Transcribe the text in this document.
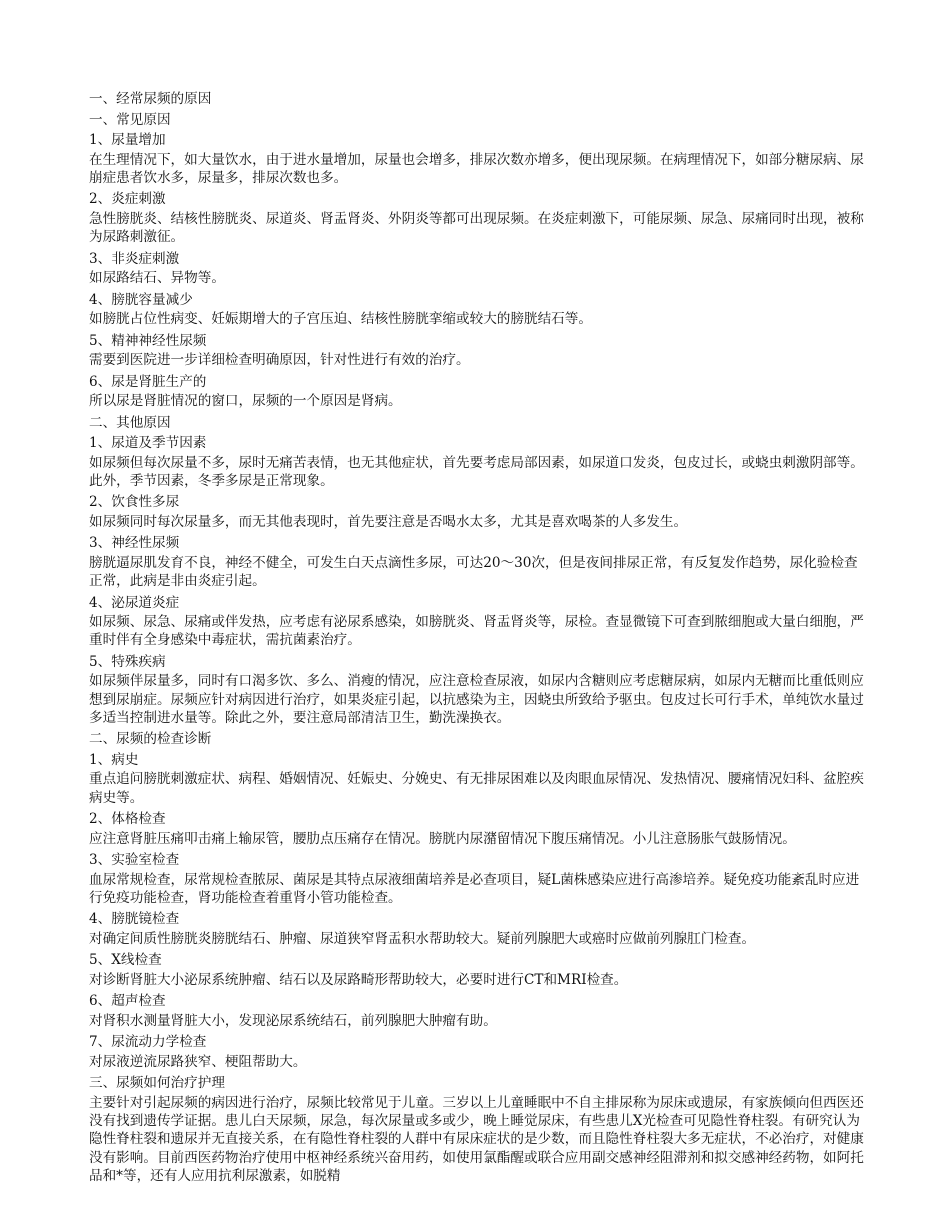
一、经常尿频的原因
一、常见原因
1、尿量增加
在生理情况下，如大量饮水，由于进水量增加，尿量也会增多，排尿次数亦增多，便出现尿频。在病理情况下，如部分糖尿病、尿崩症患者饮水多，尿量多，排尿次数也多。
2、炎症刺激
急性膀胱炎、结核性膀胱炎、尿道炎、肾盂肾炎、外阴炎等都可出现尿频。在炎症刺激下，可能尿频、尿急、尿痛同时出现，被称为尿路刺激征。
3、非炎症刺激
如尿路结石、异物等。
4、膀胱容量减少
如膀胱占位性病变、妊娠期增大的子宫压迫、结核性膀胱挛缩或较大的膀胱结石等。
5、精神神经性尿频
需要到医院进一步详细检查明确原因，针对性进行有效的治疗。
6、尿是肾脏生产的
所以尿是肾脏情况的窗口，尿频的一个原因是肾病。
二、其他原因
1、尿道及季节因素
如尿频但每次尿量不多，尿时无痛苦表情，也无其他症状，首先要考虑局部因素，如尿道口发炎，包皮过长，或蛲虫刺激阴部等。此外，季节因素，冬季多尿是正常现象。
2、饮食性多尿
如尿频同时每次尿量多，而无其他表现时，首先要注意是否喝水太多，尤其是喜欢喝茶的人多发生。
3、神经性尿频
膀胱逼尿肌发育不良，神经不健全，可发生白天点滴性多尿，可达20～30次，但是夜间排尿正常，有反复发作趋势，尿化验检查正常，此病是非由炎症引起。
4、泌尿道炎症
如尿频、尿急、尿痛或伴发热，应考虑有泌尿系感染，如膀胱炎、肾盂肾炎等，尿检。查显微镜下可查到脓细胞或大量白细胞，严重时伴有全身感染中毒症状，需抗菌素治疗。
5、特殊疾病
如尿频伴尿量多，同时有口渴多饮、多么、消瘦的情况，应注意检查尿液，如尿内含糖则应考虑糖尿病，如尿内无糖而比重低则应想到尿崩症。尿频应针对病因进行治疗，如果炎症引起，以抗感染为主，因蛲虫所致给予驱虫。包皮过长可行手术，单纯饮水量过多适当控制进水量等。除此之外，要注意局部清洁卫生，勤洗澡换衣。
二、尿频的检查诊断
1、病史
重点追问膀胱刺激症状、病程、婚姻情况、妊娠史、分娩史、有无排尿困难以及肉眼血尿情况、发热情况、腰痛情况妇科、盆腔疾病史等。
2、体格检查
应注意肾脏压痛叩击痛上输尿管，腰肋点压痛存在情况。膀胱内尿潴留情况下腹压痛情况。小儿注意肠胀气鼓肠情况。
3、实验室检查
血尿常规检查，尿常规检查脓尿、菌尿是其特点尿液细菌培养是必查项目，疑L菌株感染应进行高渗培养。疑免疫功能紊乱时应进行免疫功能检查，肾功能检查着重肾小管功能检查。
4、膀胱镜检查
对确定间质性膀胱炎膀胱结石、肿瘤、尿道狭窄肾盂积水帮助较大。疑前列腺肥大或癌时应做前列腺肛门检查。
5、X线检查
对诊断肾脏大小泌尿系统肿瘤、结石以及尿路畸形帮助较大，必要时进行CT和MRI检查。
6、超声检查
对肾积水测量肾脏大小，发现泌尿系统结石，前列腺肥大肿瘤有助。
7、尿流动力学检查
对尿液逆流尿路狭窄、梗阻帮助大。
三、尿频如何治疗护理
主要针对引起尿频的病因进行治疗，尿频比较常见于儿童。三岁以上儿童睡眠中不自主排尿称为尿床或遗尿，有家族倾向但西医还没有找到遗传学证据。患儿白天尿频，尿急，每次尿量或多或少，晚上睡觉尿床，有些患儿X光检查可见隐性脊柱裂。有研究认为隐性脊柱裂和遗尿并无直接关系，在有隐性脊柱裂的人群中有尿床症状的是少数，而且隐性脊柱裂大多无症状，不必治疗，对健康没有影响。目前西医药物治疗使用中枢神经系统兴奋用药，如使用氯酯醒或联合应用副交感神经阻滞剂和拟交感神经药物，如阿托品和*等，还有人应用抗利尿激素，如脱精
